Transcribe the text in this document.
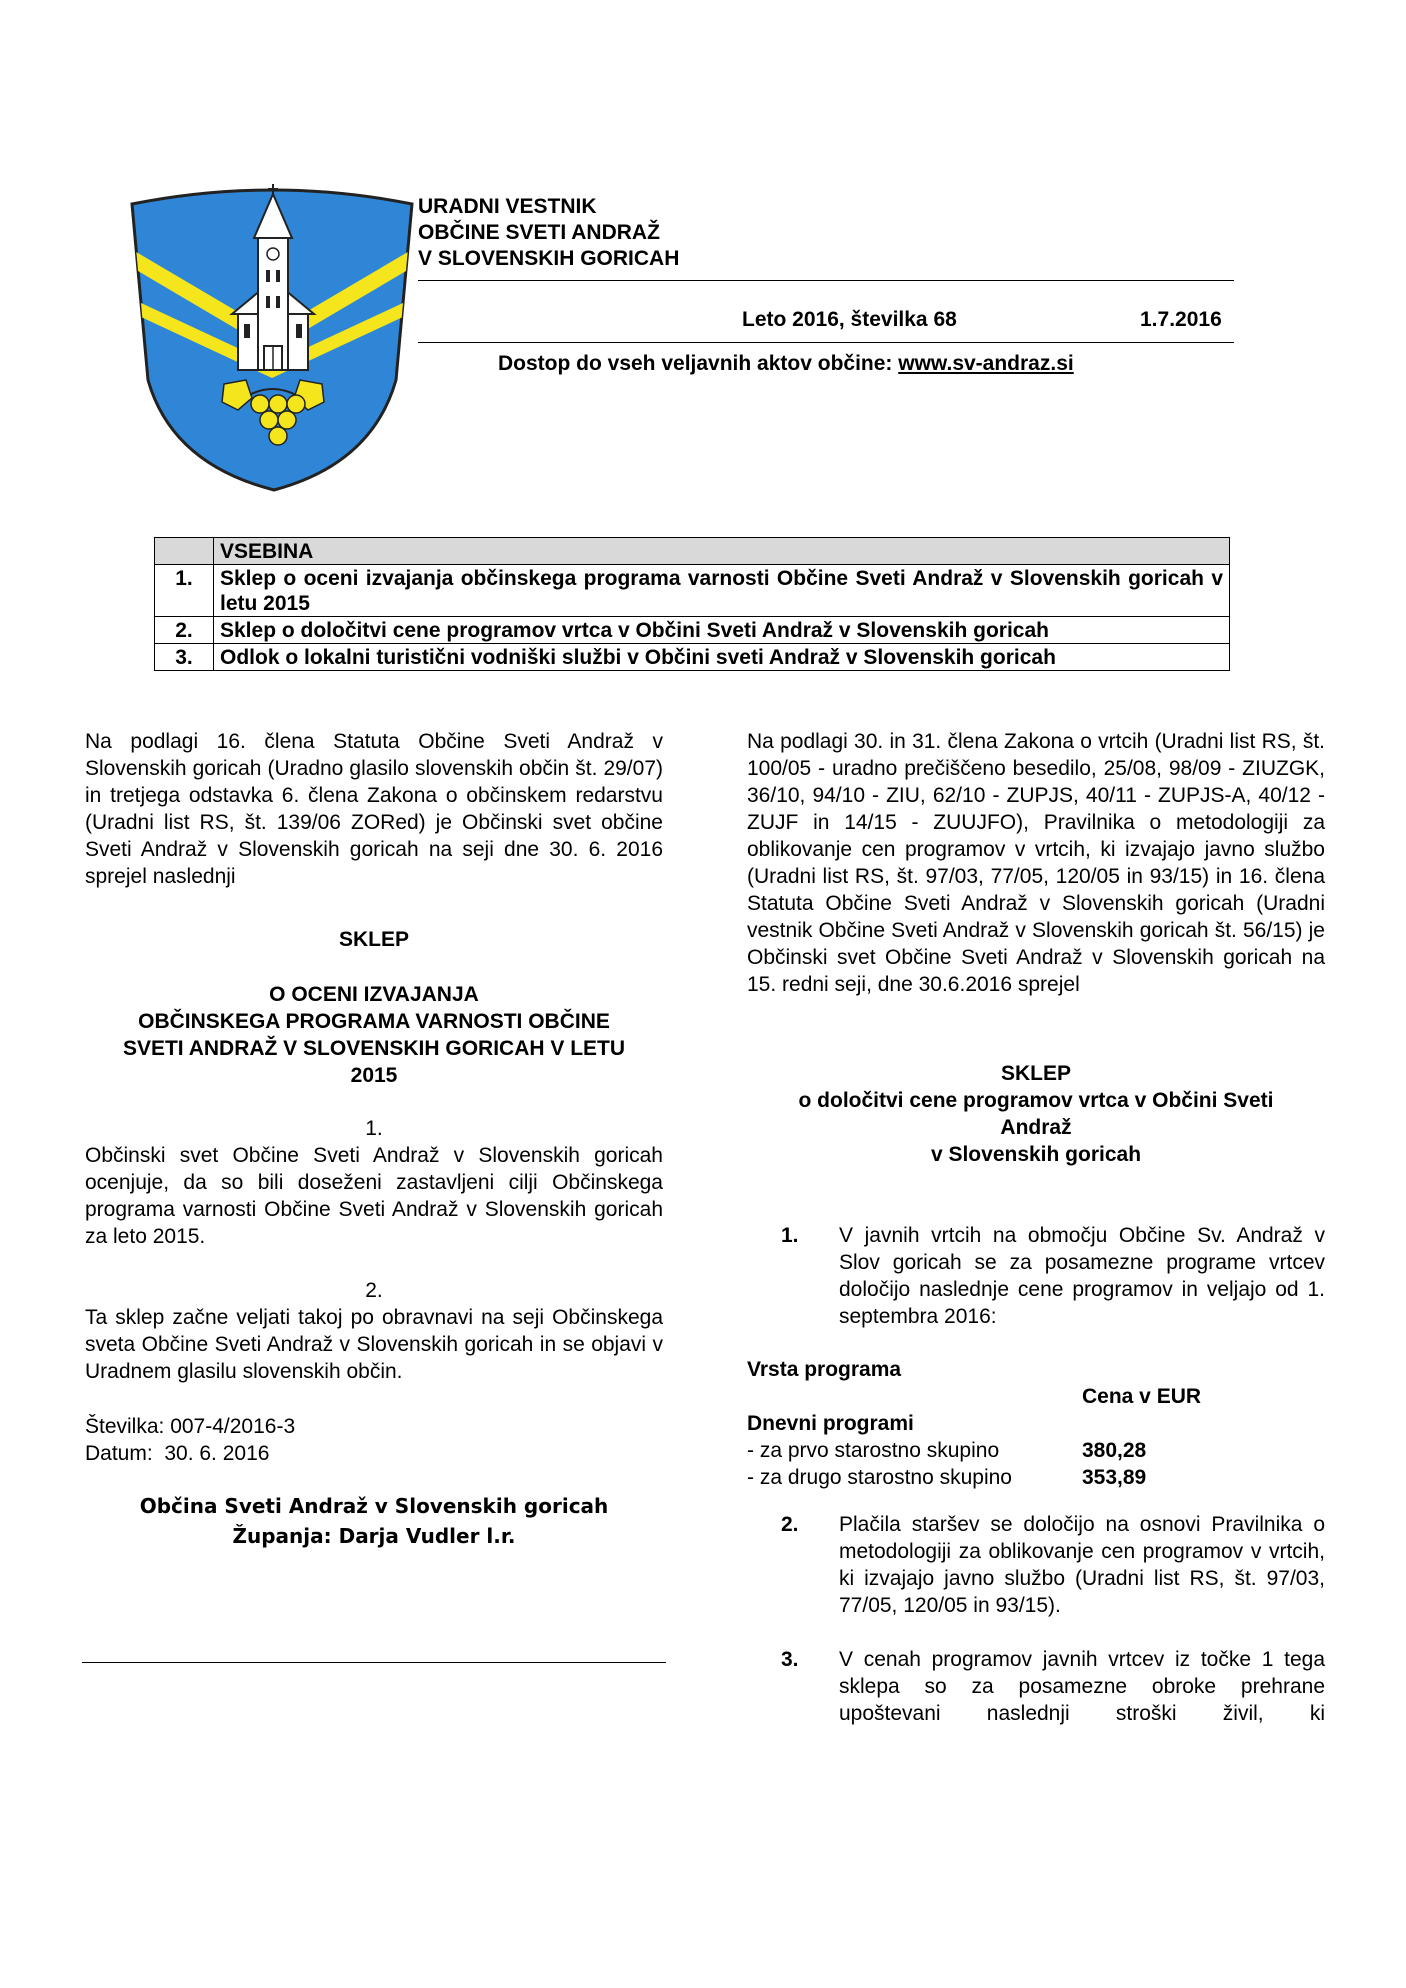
URADNI VESTNIK
OBČINE SVETI ANDRAŽ
V SLOVENSKIH GORICAH
Leto 2016, številka 68	1.7.2016
Dostop do vseh veljavnih aktov občine: www.sv-andraz.si
	VSEBINA
1.	Sklep o oceni izvajanja občinskega programa varnosti Občine Sveti Andraž v Slovenskih goricah v letu 2015
2.	Sklep o določitvi cene programov vrtca v Občini Sveti Andraž v Slovenskih goricah
3.	Odlok o lokalni turistični vodniški službi v Občini sveti Andraž v Slovenskih goricah

Na podlagi 16. člena Statuta Občine Sveti Andraž v Slovenskih goricah (Uradno glasilo slovenskih občin št. 29/07) in tretjega odstavka 6. člena Zakona o občinskem redarstvu (Uradni list RS, št. 139/06 ZORed) je Občinski svet občine Sveti Andraž v Slovenskih goricah na seji dne 30. 6. 2016 sprejel naslednji

SKLEP

O OCENI IZVAJANJA

OBČINSKEGA PROGRAMA VARNOSTI OBČINE

SVETI ANDRAŽ V SLOVENSKIH GORICAH V LETU

2015

1.

Občinski svet Občine Sveti Andraž v Slovenskih goricah ocenjuje, da so bili doseženi zastavljeni cilji Občinskega programa varnosti Občine Sveti Andraž v Slovenskih goricah za leto 2015.

2.

Ta sklep začne veljati takoj po obravnavi na seji Občinskega sveta Občine Sveti Andraž v Slovenskih goricah in se objavi v Uradnem glasilu slovenskih občin.

Številka: 007-4/2016-3

Datum:  30. 6. 2016

Občina Sveti Andraž v Slovenskih goricah

Županja: Darja Vudler l.r.

Na podlagi 30. in 31. člena Zakona o vrtcih (Uradni list RS, št. 100/05 - uradno prečiščeno besedilo, 25/08, 98/09 - ZIUZGK, 36/10, 94/10 - ZIU, 62/10 - ZUPJS, 40/11 - ZUPJS-A, 40/12 - ZUJF in 14/15 - ZUUJFO), Pravilnika o metodologiji za oblikovanje cen programov v vrtcih, ki izvajajo javno službo (Uradni list RS, št. 97/03, 77/05, 120/05 in 93/15) in 16. člena Statuta Občine Sveti Andraž v Slovenskih goricah (Uradni vestnik Občine Sveti Andraž v Slovenskih goricah št. 56/15) je Občinski svet Občine Sveti Andraž v Slovenskih goricah na 15. redni seji, dne 30.6.2016 sprejel

SKLEP

o določitvi cene programov vrtca v Občini Sveti

Andraž

v Slovenskih goricah

1.	V javnih vrtcih na območju Občine Sv. Andraž v Slov goricah se za posamezne programe vrtcev določijo naslednje cene programov in veljajo od 1. septembra 2016:

Vrsta programa

Cena v EUR

Dnevni programi

- za prvo starostno skupino	380,28
- za drugo starostno skupino	353,89
2.	Plačila staršev se določijo na osnovi Pravilnika o metodologiji za oblikovanje cen programov v vrtcih, ki izvajajo javno službo (Uradni list RS, št. 97/03, 77/05, 120/05 in 93/15).

3.	V cenah programov javnih vrtcev iz točke 1 tega sklepa so za posamezne obroke prehrane upoštevani naslednji stroški živil, ki
